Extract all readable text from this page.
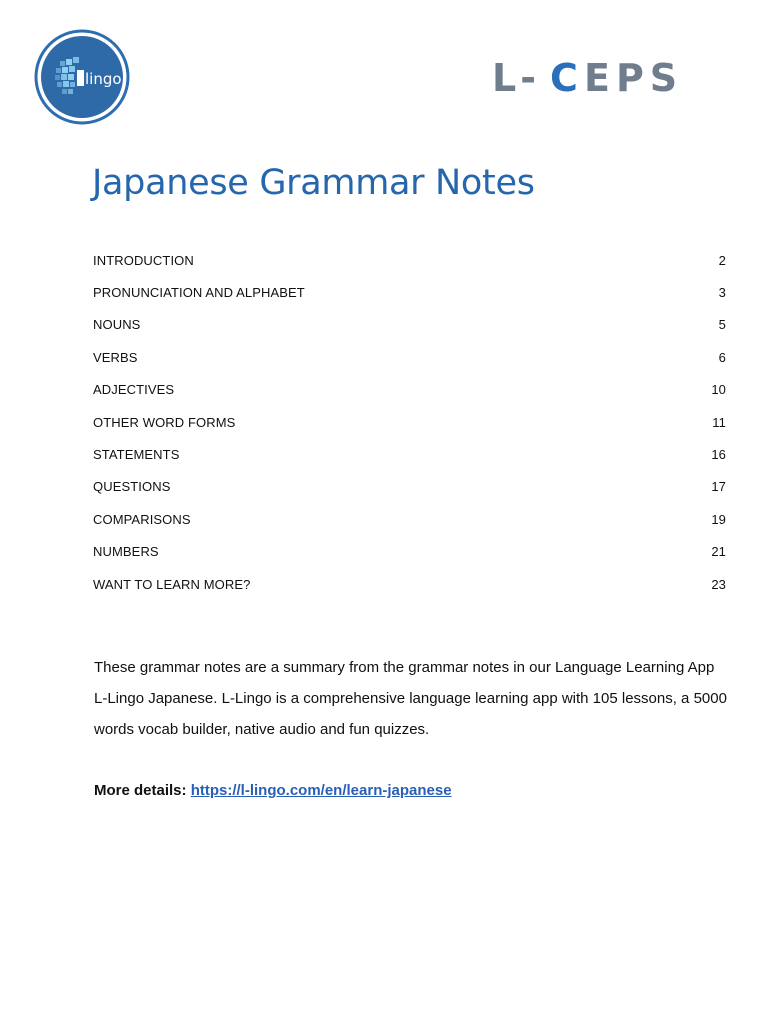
lingo	L- C EPS
Japanese Grammar Notes
INTRODUCTION	2
PRONUNCIATION AND ALPHABET	3
NOUNS	5
VERBS	6
ADJECTIVES	10
OTHER WORD FORMS	11
STATEMENTS	16
QUESTIONS	17
COMPARISONS	19
NUMBERS	21
WANT TO LEARN MORE?	23

These grammar notes are a summary from the grammar notes in our Language Learning App L-Lingo Japanese. L-Lingo is a comprehensive language learning app with 105 lessons, a 5000 words vocab builder, native audio and fun quizzes.

More details: https://l-lingo.com/en/learn-japanese
